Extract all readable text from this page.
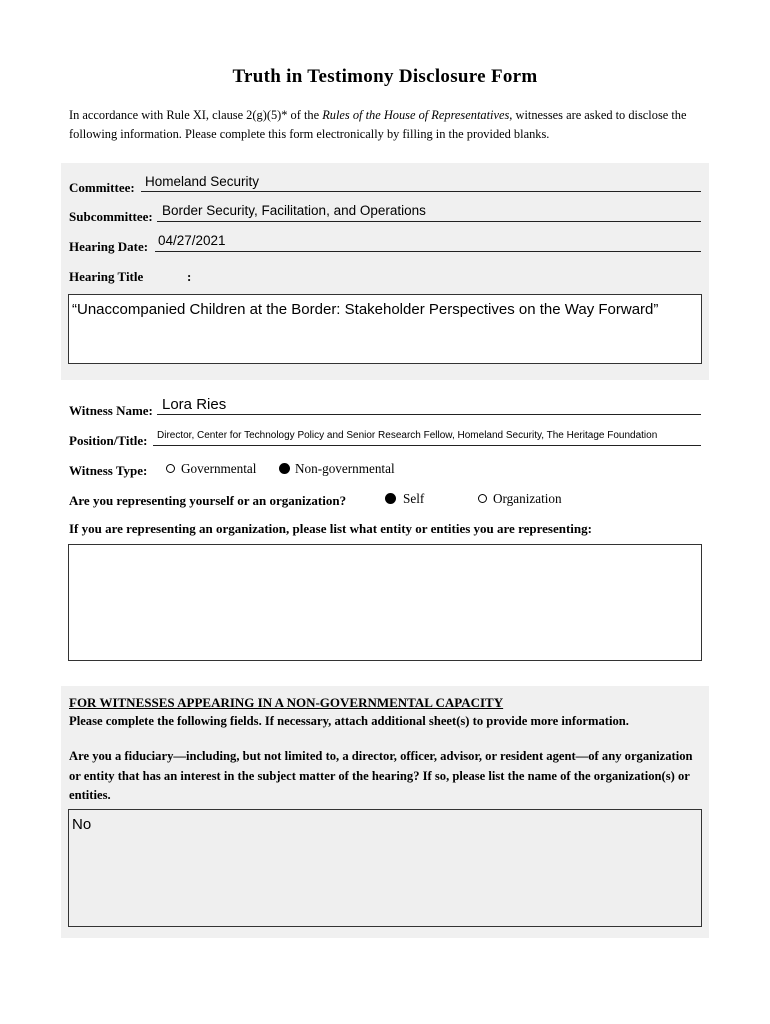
Truth in Testimony Disclosure Form
In accordance with Rule XI, clause 2(g)(5)* of the Rules of the House of Representatives, witnesses are asked to disclose the following information. Please complete this form electronically by filling in the provided blanks.
Committee: Homeland Security
Subcommittee: Border Security, Facilitation, and Operations
Hearing Date: 04/27/2021
Hearing Title	:
“Unaccompanied Children at the Border: Stakeholder Perspectives on the Way Forward”
Witness Name: Lora Ries
Position/Title: Director, Center for Technology Policy and Senior Research Fellow, Homeland Security, The Heritage Foundation
Witness Type:	Governmental	Non-governmental
Are you representing yourself or an organization?	Self	Organization
If you are representing an organization, please list what entity or entities you are representing:
FOR WITNESSES APPEARING IN A NON-GOVERNMENTAL CAPACITY
Please complete the following fields. If necessary, attach additional sheet(s) to provide more information.
Are you a fiduciary—including, but not limited to, a director, officer, advisor, or resident agent—of any organization or entity that has an interest in the subject matter of the hearing? If so, please list the name of the organization(s) or entities.
No
